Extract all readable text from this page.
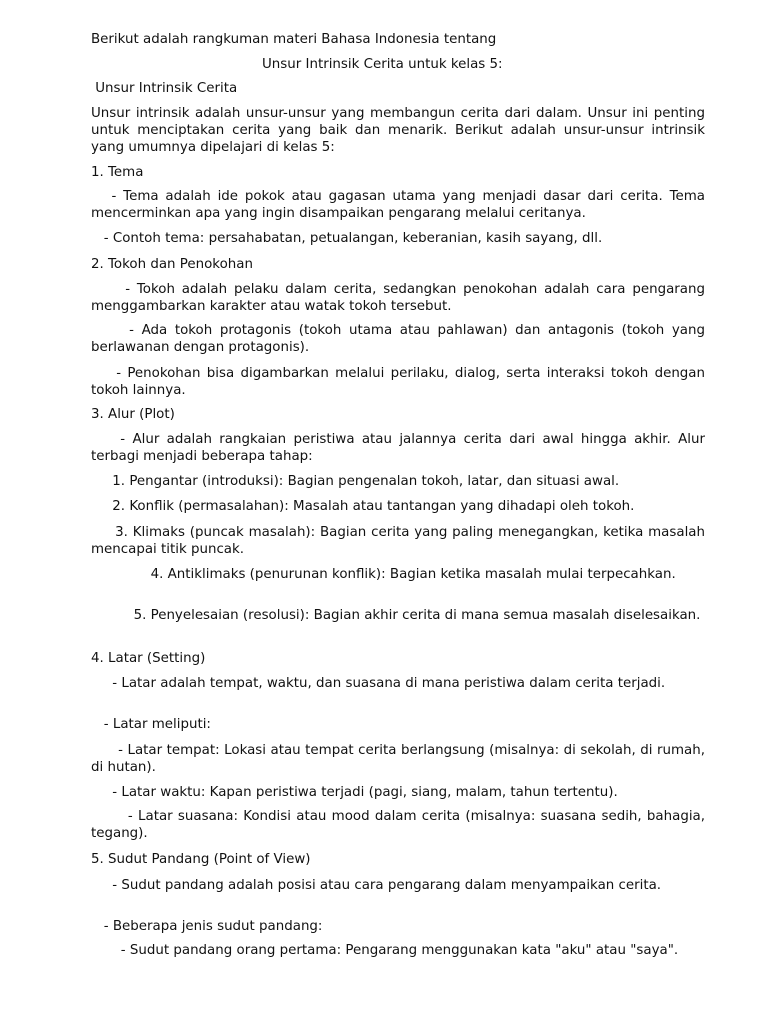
Berikut adalah rangkuman materi Bahasa Indonesia tentang

Unsur Intrinsik Cerita untuk kelas 5:

Unsur Intrinsik Cerita

Unsur intrinsik adalah unsur-unsur yang membangun cerita dari dalam. Unsur ini penting untuk menciptakan cerita yang baik dan menarik. Berikut adalah unsur-unsur intrinsik yang umumnya dipelajari di kelas 5:

1. Tema

- Tema adalah ide pokok atau gagasan utama yang menjadi dasar dari cerita. Tema mencerminkan apa yang ingin disampaikan pengarang melalui ceritanya.

- Contoh tema: persahabatan, petualangan, keberanian, kasih sayang, dll.

2. Tokoh dan Penokohan

- Tokoh adalah pelaku dalam cerita, sedangkan penokohan adalah cara pengarang menggambarkan karakter atau watak tokoh tersebut.

- Ada tokoh protagonis (tokoh utama atau pahlawan) dan antagonis (tokoh yang berlawanan dengan protagonis).

- Penokohan bisa digambarkan melalui perilaku, dialog, serta interaksi tokoh dengan tokoh lainnya.

3. Alur (Plot)

- Alur adalah rangkaian peristiwa atau jalannya cerita dari awal hingga akhir. Alur terbagi menjadi beberapa tahap:

1. Pengantar (introduksi): Bagian pengenalan tokoh, latar, dan situasi awal.

2. Konflik (permasalahan): Masalah atau tantangan yang dihadapi oleh tokoh.

3. Klimaks (puncak masalah): Bagian cerita yang paling menegangkan, ketika masalah mencapai titik puncak.

4. Antiklimaks (penurunan konflik): Bagian ketika masalah mulai terpecahkan.

5. Penyelesaian (resolusi): Bagian akhir cerita di mana semua masalah diselesaikan.

4. Latar (Setting)

- Latar adalah tempat, waktu, dan suasana di mana peristiwa dalam cerita terjadi.

- Latar meliputi:

- Latar tempat: Lokasi atau tempat cerita berlangsung (misalnya: di sekolah, di rumah, di hutan).

- Latar waktu: Kapan peristiwa terjadi (pagi, siang, malam, tahun tertentu).

- Latar suasana: Kondisi atau mood dalam cerita (misalnya: suasana sedih, bahagia, tegang).

5. Sudut Pandang (Point of View)

- Sudut pandang adalah posisi atau cara pengarang dalam menyampaikan cerita.

- Beberapa jenis sudut pandang:

- Sudut pandang orang pertama: Pengarang menggunakan kata "aku" atau "saya".
